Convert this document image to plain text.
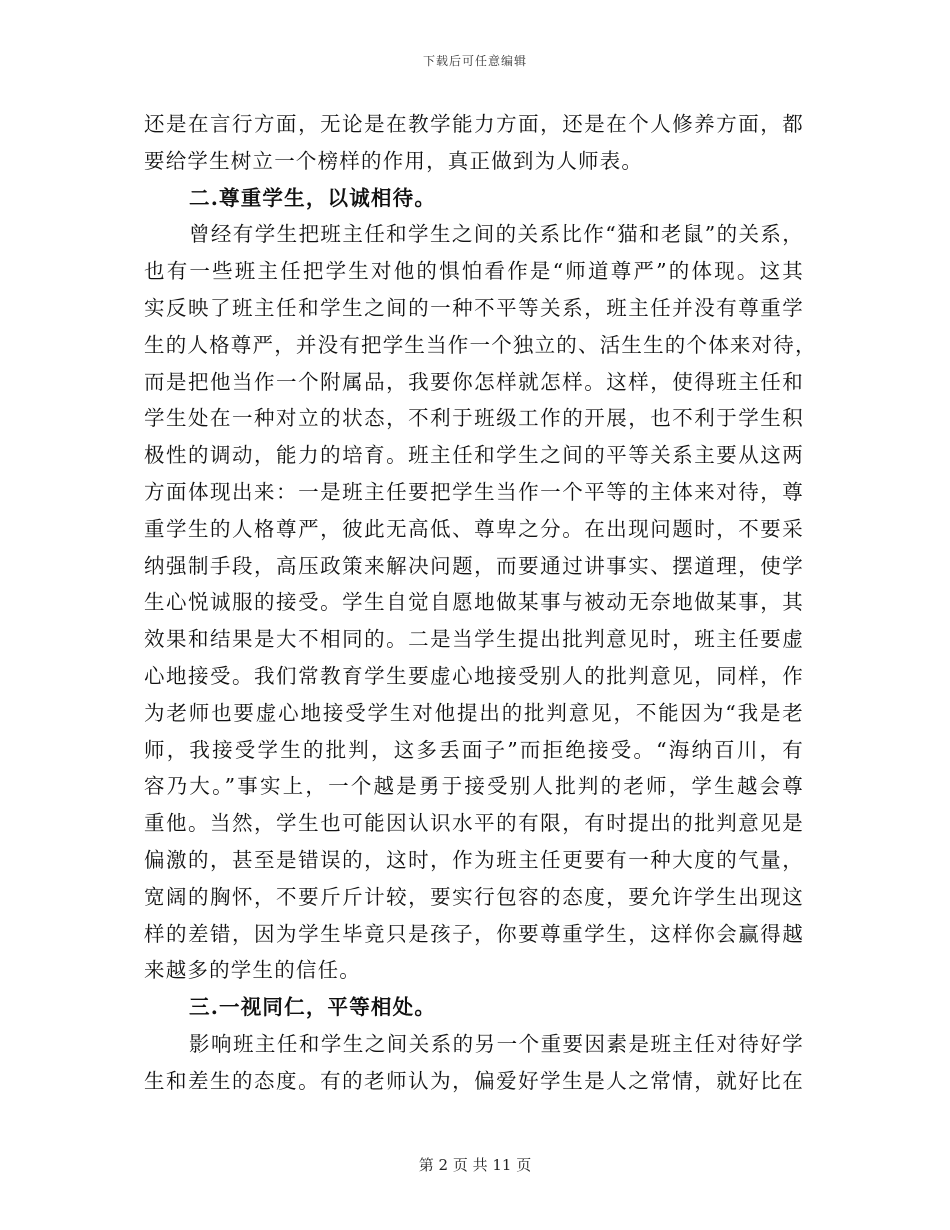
下载后可任意编辑
还是在言行方面，无论是在教学能力方面，还是在个人修养方面，都
要给学生树立一个榜样的作用，真正做到为人师表。
二.尊重学生，以诚相待。
曾经有学生把班主任和学生之间的关系比作“猫和老鼠”的关系，
也有一些班主任把学生对他的惧怕看作是“师道尊严”的体现。这其
实反映了班主任和学生之间的一种不平等关系，班主任并没有尊重学
生的人格尊严，并没有把学生当作一个独立的、活生生的个体来对待，
而是把他当作一个附属品，我要你怎样就怎样。这样，使得班主任和
学生处在一种对立的状态，不利于班级工作的开展，也不利于学生积
极性的调动，能力的培育。班主任和学生之间的平等关系主要从这两
方面体现出来：一是班主任要把学生当作一个平等的主体来对待，尊
重学生的人格尊严，彼此无高低、尊卑之分。在出现问题时，不要采
纳强制手段，高压政策来解决问题，而要通过讲事实、摆道理，使学
生心悦诚服的接受。学生自觉自愿地做某事与被动无奈地做某事，其
效果和结果是大不相同的。二是当学生提出批判意见时，班主任要虚
心地接受。我们常教育学生要虚心地接受别人的批判意见，同样，作
为老师也要虚心地接受学生对他提出的批判意见，不能因为“我是老
师，我接受学生的批判，这多丢面子”而拒绝接受。“海纳百川，有
容乃大。”事实上，一个越是勇于接受别人批判的老师，学生越会尊
重他。当然，学生也可能因认识水平的有限，有时提出的批判意见是
偏激的，甚至是错误的，这时，作为班主任更要有一种大度的气量，
宽阔的胸怀，不要斤斤计较，要实行包容的态度，要允许学生出现这
样的差错，因为学生毕竟只是孩子，你要尊重学生，这样你会赢得越
来越多的学生的信任。
三.一视同仁，平等相处。
影响班主任和学生之间关系的另一个重要因素是班主任对待好学
生和差生的态度。有的老师认为，偏爱好学生是人之常情，就好比在
第 2 页 共 11 页
